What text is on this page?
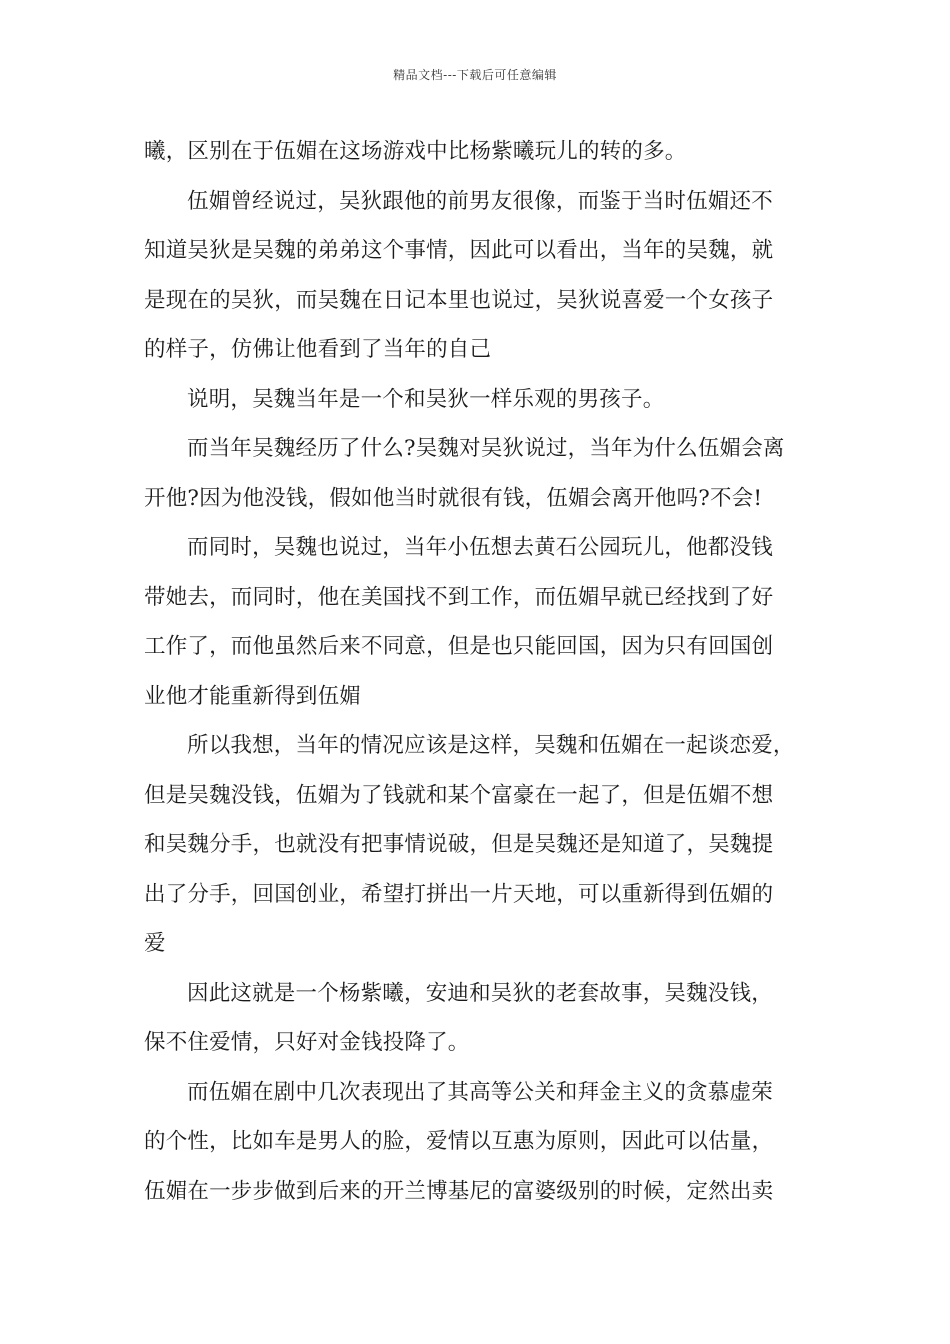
精品文档---下载后可任意编辑
曦，区别在于伍媚在这场游戏中比杨紫曦玩儿的转的多。
伍媚曾经说过，吴狄跟他的前男友很像，而鉴于当时伍媚还不
知道吴狄是吴魏的弟弟这个事情，因此可以看出，当年的吴魏，就
是现在的吴狄，而吴魏在日记本里也说过，吴狄说喜爱一个女孩子
的样子，仿佛让他看到了当年的自己
说明，吴魏当年是一个和吴狄一样乐观的男孩子。
而当年吴魏经历了什么?吴魏对吴狄说过，当年为什么伍媚会离
开他?因为他没钱，假如他当时就很有钱，伍媚会离开他吗?不会!
而同时，吴魏也说过，当年小伍想去黄石公园玩儿，他都没钱
带她去，而同时，他在美国找不到工作，而伍媚早就已经找到了好
工作了，而他虽然后来不同意，但是也只能回国，因为只有回国创
业他才能重新得到伍媚
所以我想，当年的情况应该是这样，吴魏和伍媚在一起谈恋爱，
但是吴魏没钱，伍媚为了钱就和某个富豪在一起了，但是伍媚不想
和吴魏分手，也就没有把事情说破，但是吴魏还是知道了，吴魏提
出了分手，回国创业，希望打拼出一片天地，可以重新得到伍媚的
爱
因此这就是一个杨紫曦，安迪和吴狄的老套故事，吴魏没钱，
保不住爱情，只好对金钱投降了。
而伍媚在剧中几次表现出了其高等公关和拜金主义的贪慕虚荣
的个性，比如车是男人的脸，爱情以互惠为原则，因此可以估量，
伍媚在一步步做到后来的开兰博基尼的富婆级别的时候，定然出卖
